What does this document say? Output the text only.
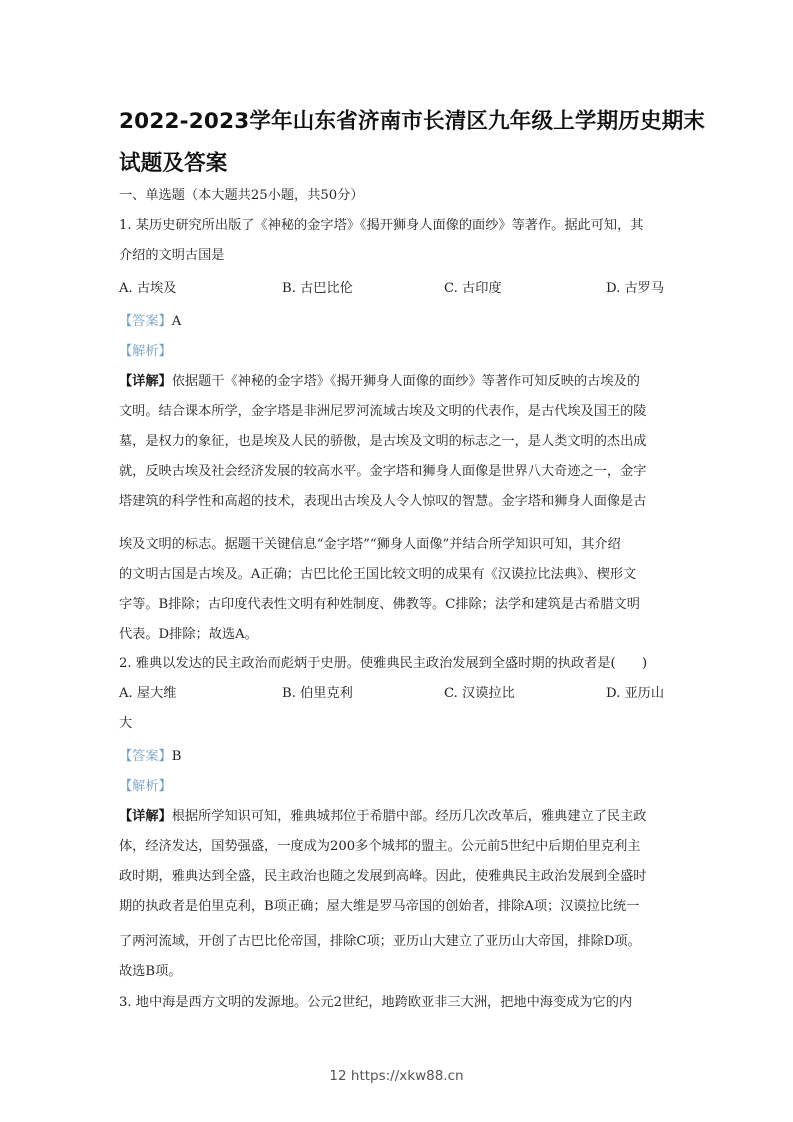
2022-2023学年山东省济南市长清区九年级上学期历史期末
试题及答案
一、单选题（本大题共25小题，共50分）
1. 某历史研究所出版了《神秘的金字塔》《揭开狮身人面像的面纱》等著作。据此可知，其
介绍的文明古国是
A. 古埃及	B. 古巴比伦	C. 古印度	D. 古罗马
【答案】A
【解析】
【详解】依据题干《神秘的金字塔》《揭开狮身人面像的面纱》等著作可知反映的古埃及的
文明。结合课本所学，金字塔是非洲尼罗河流域古埃及文明的代表作，是古代埃及国王的陵
墓，是权力的象征，也是埃及人民的骄傲，是古埃及文明的标志之一，是人类文明的杰出成
就，反映古埃及社会经济发展的较高水平。金字塔和狮身人面像是世界八大奇迹之一，金字
塔建筑的科学性和高超的技术，表现出古埃及人令人惊叹的智慧。金字塔和狮身人面像是古
埃及文明的标志。据题干关键信息“金字塔”“狮身人面像”并结合所学知识可知，其介绍
的文明古国是古埃及。A正确；古巴比伦王国比较文明的成果有《汉谟拉比法典》、楔形文
字等。B排除；古印度代表性文明有种姓制度、佛教等。C排除；法学和建筑是古希腊文明
代表。D排除；故选A。
2. 雅典以发达的民主政治而彪炳于史册。使雅典民主政治发展到全盛时期的执政者是(　　)
A. 屋大维	B. 伯里克利	C. 汉谟拉比	D. 亚历山
大
【答案】B
【解析】
【详解】根据所学知识可知，雅典城邦位于希腊中部。经历几次改革后，雅典建立了民主政
体，经济发达，国势强盛，一度成为200多个城邦的盟主。公元前5世纪中后期伯里克利主
政时期，雅典达到全盛，民主政治也随之发展到高峰。因此，使雅典民主政治发展到全盛时
期的执政者是伯里克利，B项正确；屋大维是罗马帝国的创始者，排除A项；汉谟拉比统一
了两河流域，开创了古巴比伦帝国，排除C项；亚历山大建立了亚历山大帝国，排除D项。
故选B项。
3. 地中海是西方文明的发源地。公元2世纪，地跨欧亚非三大洲，把地中海变成为它的内
12 https://xkw88.cn
